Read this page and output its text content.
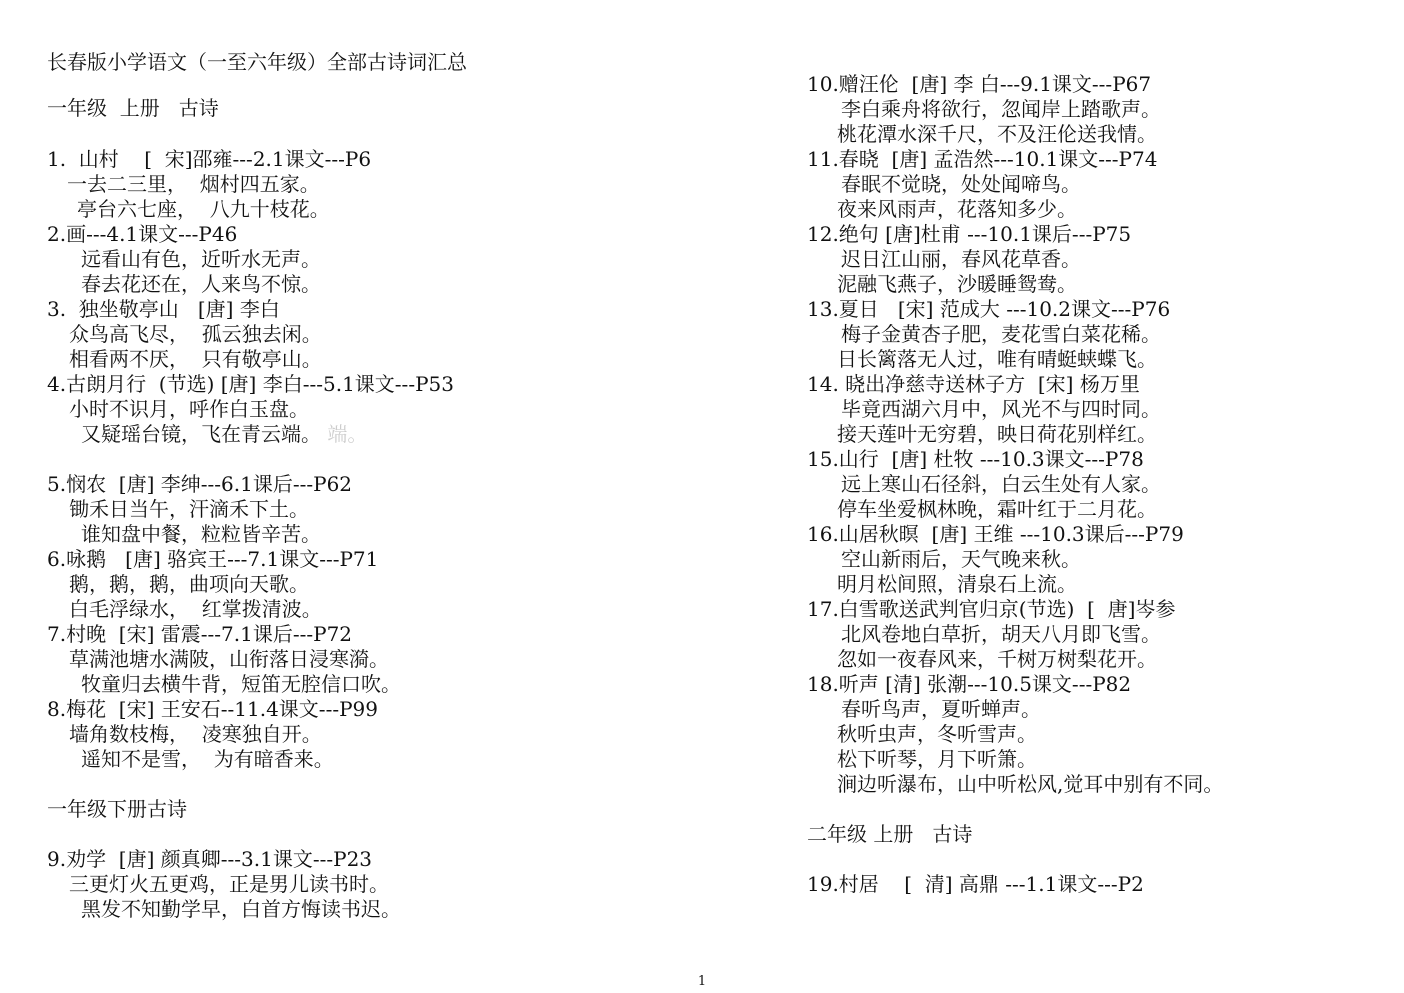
长春版小学语文（一至六年级）全部古诗词汇总
一年级  上册   古诗
1.  山村    [  宋]邵雍---2.1课文---P6
一去二三里，  烟村四五家。
亭台六七座，  八九十枝花。
2.画---4.1课文---P46
远看山有色，近听水无声。
春去花还在，人来鸟不惊。
3.  独坐敬亭山   [唐] 李白
众鸟高飞尽，  孤云独去闲。
相看两不厌，  只有敬亭山。
4.古朗月行  (节选) [唐] 李白---5.1课文---P53
小时不识月，呼作白玉盘。
又疑瑶台镜，飞在青云端。 端。
5.悯农  [唐] 李绅---6.1课后---P62
锄禾日当午，汗滴禾下土。
谁知盘中餐，粒粒皆辛苦。
6.咏鹅   [唐] 骆宾王---7.1课文---P71
鹅，鹅，鹅，曲项向天歌。
白毛浮绿水，  红掌拨清波。
7.村晚  [宋] 雷震---7.1课后---P72
草满池塘水满陂，山衔落日浸寒漪。
牧童归去横牛背，短笛无腔信口吹。
8.梅花  [宋] 王安石--11.4课文---P99
墙角数枝梅，  凌寒独自开。
遥知不是雪，  为有暗香来。
一年级下册古诗
9.劝学  [唐] 颜真卿---3.1课文---P23
三更灯火五更鸡，正是男儿读书时。
黑发不知勤学早，白首方悔读书迟。
10.赠汪伦  [唐] 李 白---9.1课文---P67
李白乘舟将欲行，忽闻岸上踏歌声。
桃花潭水深千尺，不及汪伦送我情。
11.春晓  [唐] 孟浩然---10.1课文---P74
春眠不觉晓，处处闻啼鸟。
夜来风雨声，花落知多少。
12.绝句 [唐]杜甫 ---10.1课后---P75
迟日江山丽，春风花草香。
泥融飞燕子，沙暖睡鸳鸯。
13.夏日   [宋] 范成大 ---10.2课文---P76
梅子金黄杏子肥，麦花雪白菜花稀。
日长篱落无人过，唯有晴蜓蛱蝶飞。
14. 晓出净慈寺送林子方  [宋] 杨万里
毕竟西湖六月中，风光不与四时同。
接天莲叶无穷碧，映日荷花别样红。
15.山行  [唐] 杜牧 ---10.3课文---P78
远上寒山石径斜，白云生处有人家。
停车坐爱枫林晚，霜叶红于二月花。
16.山居秋暝  [唐] 王维 ---10.3课后---P79
空山新雨后，天气晚来秋。
明月松间照，清泉石上流。
17.白雪歌送武判官归京(节选)  [  唐]岑参
北风卷地白草折，胡天八月即飞雪。
忽如一夜春风来，千树万树梨花开。
18.听声 [清] 张潮---10.5课文---P82
春听鸟声，夏听蝉声。
秋听虫声，冬听雪声。
松下听琴，月下听箫。
涧边听瀑布，山中听松风,觉耳中别有不同。
二年级 上册   古诗
19.村居    [  清] 高鼎 ---1.1课文---P2
1
